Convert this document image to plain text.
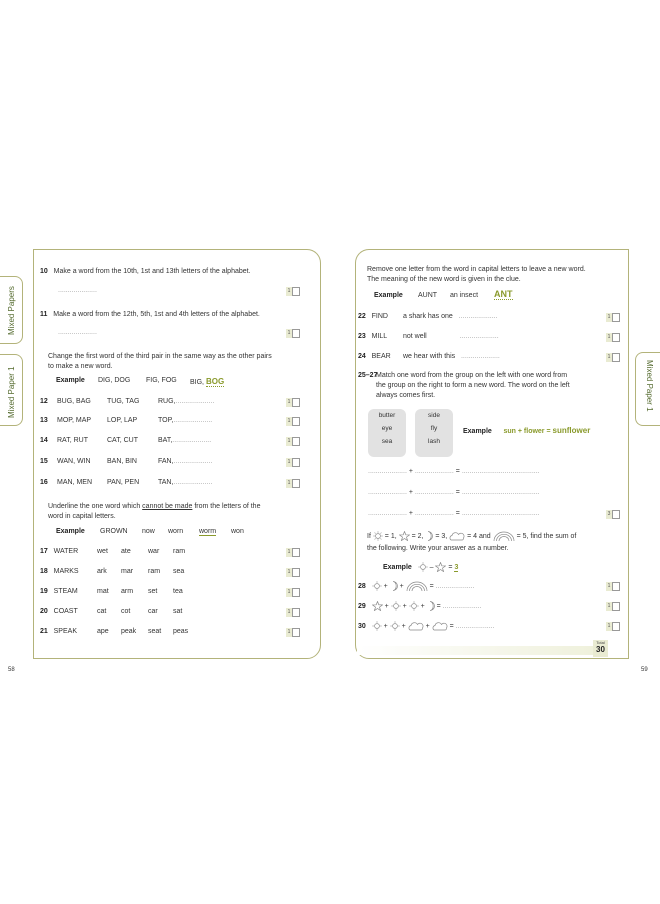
Mixed Papers
Mixed Paper 1	Mixed Paper 1
10 Make a word from the 10th, 1st and 13th letters of the alphabet.
....................	1
11 Make a word from the 12th, 5th, 1st and 4th letters of the alphabet.
....................	1
Change the first word of the third pair in the same way as the other pairs
to make a new word.
Example DIG, DOG FIG, FOG BIG, BOG
12 BUG, BAG TUG, TAG	RUG,....................	1
13 MOP, MAP LOP, LAP	TOP,....................	1
14 RAT, RUT	CAT, CUT	BAT,....................	1
15 WAN, WIN BAN, BIN	FAN,....................	1
16 MAN, MEN PAN, PEN	TAN,....................	1
Underline the one word which cannot be made from the letters of the
word in capital letters.
Example GROWN now worn worm won
17 WATER	wet ate war ram	1
18 MARKS	ark mar ram sea	1
19 STEAM	mat arm set tea	1
20 COAST	cat cot	car sat	1
21 SPEAK	ape peak seat peas	1
58
Remove one letter from the word in capital letters to leave a new word.
The meaning of the new word is given in the clue.
Example AUNT an insect ANT
22 FIND a shark has one ....................	1
23 MILL not well	....................	1
24 BEAR we hear with this ....................	1
25–27
Match one word from the group on the left with one word from
the group on the right to form a new word. The word on the left
always comes first.
butter
eye
sea
side
fly
lash
Example sun + flower = sunflower
.................... + .................... = ........................................
.................... + .................... = ........................................
.................... + .................... = ........................................	3
If = 1, = 2, = 3,	= 4 and	= 5, find the sum of
the following. Write your answer as a number.
Example	– = 3
28	+ +	= ....................	1
29	+ + + = ....................	1
30	+ +	+	= ....................	1
Total
30
59
